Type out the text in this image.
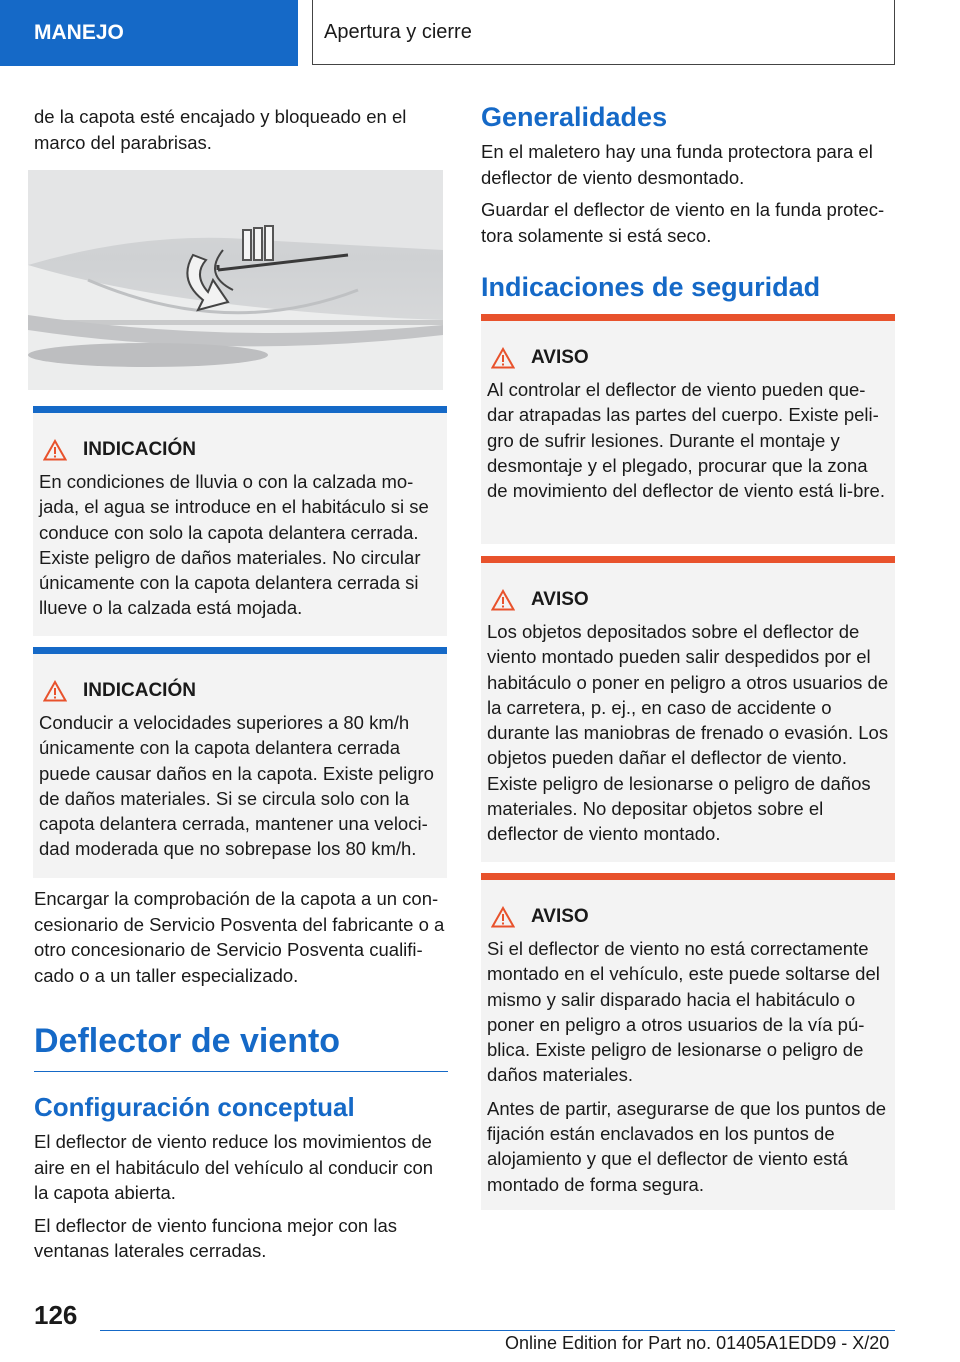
MANEJO	Apertura y cierre

de la capota esté encajado y bloqueado en el marco del parabrisas.

INDICACIÓN

En condiciones de lluvia o con la calzada mo-jada, el agua se introduce en el habitáculo si se conduce con solo la capota delantera cerrada. Existe peligro de daños materiales. No circular únicamente con la capota delantera cerrada si llueve o la calzada está mojada.

INDICACIÓN

Conducir a velocidades superiores a 80 km/h únicamente con la capota delantera cerrada puede causar daños en la capota. Existe peligro de daños materiales. Si se circula solo con la capota delantera cerrada, mantener una veloci-dad moderada que no sobrepase los 80 km/h.

Encargar la comprobación de la capota a un con-cesionario de Servicio Posventa del fabricante o a otro concesionario de Servicio Posventa cualifi-cado o a un taller especializado.

Deflector de viento
Configuración conceptual

El deflector de viento reduce los movimientos de aire en el habitáculo del vehículo al conducir con la capota abierta.

El deflector de viento funciona mejor con las ventanas laterales cerradas.

Generalidades

En el maletero hay una funda protectora para el deflector de viento desmontado.

Guardar el deflector de viento en la funda protec-tora solamente si está seco.

Indicaciones de seguridad
AVISO

Al controlar el deflector de viento pueden que-dar atrapadas las partes del cuerpo. Existe peli-gro de sufrir lesiones. Durante el montaje y desmontaje y el plegado, procurar que la zona de movimiento del deflector de viento está li-bre.

AVISO

Los objetos depositados sobre el deflector de viento montado pueden salir despedidos por el habitáculo o poner en peligro a otros usuarios de la carretera, p. ej., en caso de accidente o durante las maniobras de frenado o evasión. Los objetos pueden dañar el deflector de viento. Existe peligro de lesionarse o peligro de daños materiales. No depositar objetos sobre el deflector de viento montado.

AVISO

Si el deflector de viento no está correctamente montado en el vehículo, este puede soltarse del mismo y salir disparado hacia el habitáculo o poner en peligro a otros usuarios de la vía pú-blica. Existe peligro de lesionarse o peligro de daños materiales.

Antes de partir, asegurarse de que los puntos de fijación están enclavados en los puntos de alojamiento y que el deflector de viento está montado de forma segura.

126
Online Edition for Part no. 01405A1EDD9 - X/20
